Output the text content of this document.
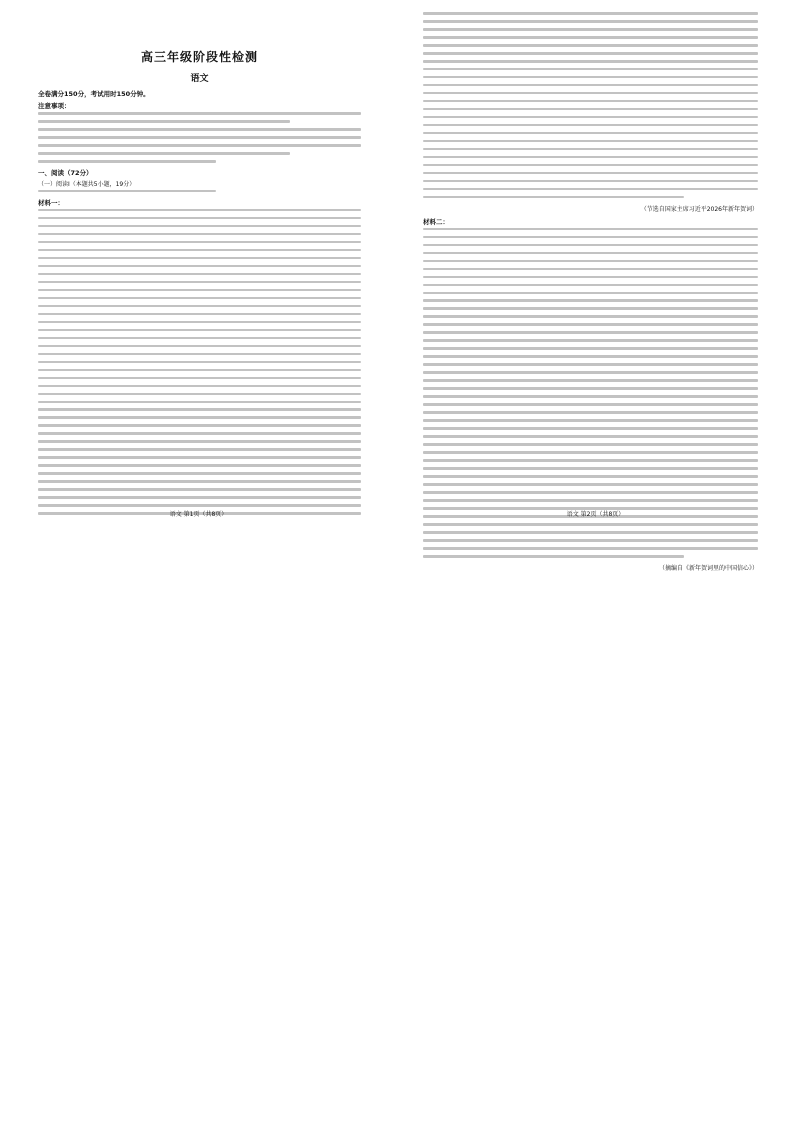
高三年级阶段性检测
语文
全卷满分150分，考试用时150分钟。
注意事项：
一、阅读（72分）
（一）阅读Ⅰ（本题共5小题，19分）
材料一：
语文 第1页（共8页）
（节选自国家主席习近平2026年新年贺词）
材料二：
（摘编自《新年贺词里的中国信心》）
语文 第2页（共8页）
